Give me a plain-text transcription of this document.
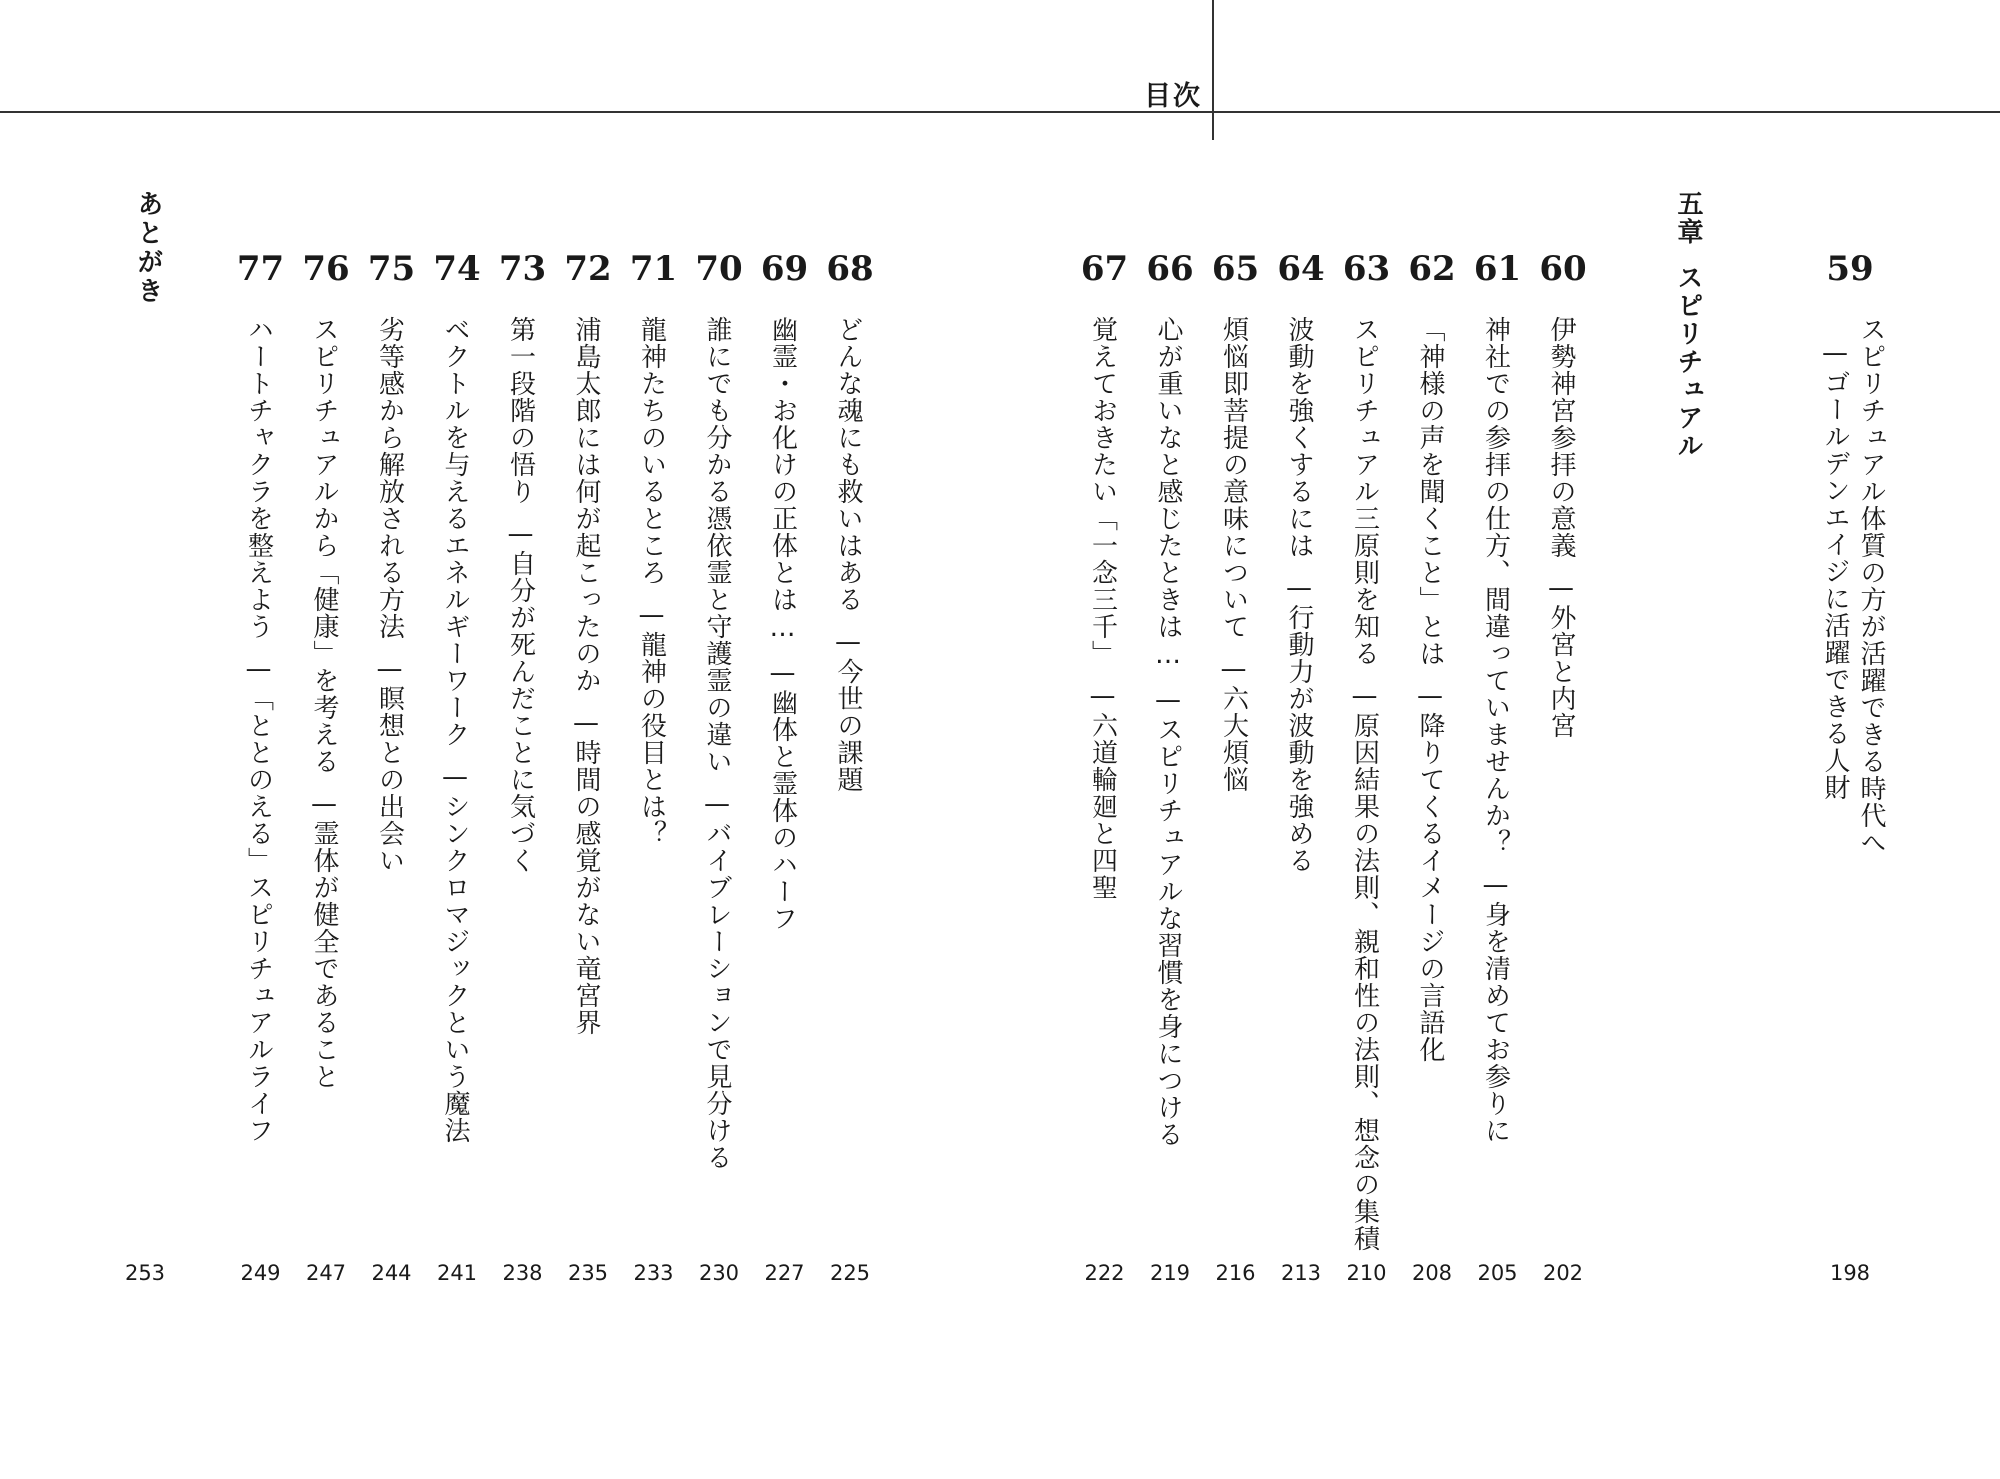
目次
59
スピリチュアル体質の方が活躍できる時代へ
—ゴールデンエイジに活躍できる人財
198
五章スピリチュアル
60
伊勢神宮参拝の意義—外宮と内宮
202
61
神社での参拝の仕方、間違っていませんか？—身を清めてお参りに
205
62
「神様の声を聞くこと」とは—降りてくるイメージの言語化
208
63
スピリチュアル三原則を知る—原因結果の法則、親和性の法則、想念の集積
210
64
波動を強くするには—行動力が波動を強める
213
65
煩悩即菩提の意味について—六大煩悩
216
66
心が重いなと感じたときは…—スピリチュアルな習慣を身につける
219
67
覚えておきたい「一念三千」—六道輪廻と四聖
222
68
どんな魂にも救いはある—今世の課題
225
69
幽霊・お化けの正体とは…—幽体と霊体のハーフ
227
70
誰にでも分かる憑依霊と守護霊の違い—バイブレーションで見分ける
230
71
龍神たちのいるところ—龍神の役目とは？
233
72
浦島太郎には何が起こったのか—時間の感覚がない竜宮界
235
73
第一段階の悟り—自分が死んだことに気づく
238
74
ベクトルを与えるエネルギーワーク—シンクロマジックという魔法
241
75
劣等感から解放される方法—瞑想との出会い
244
76
スピリチュアルから「健康」を考える—霊体が健全であること
247
77
ハートチャクラを整えよう—「ととのえる」スピリチュアルライフ
249
あとがき
253
